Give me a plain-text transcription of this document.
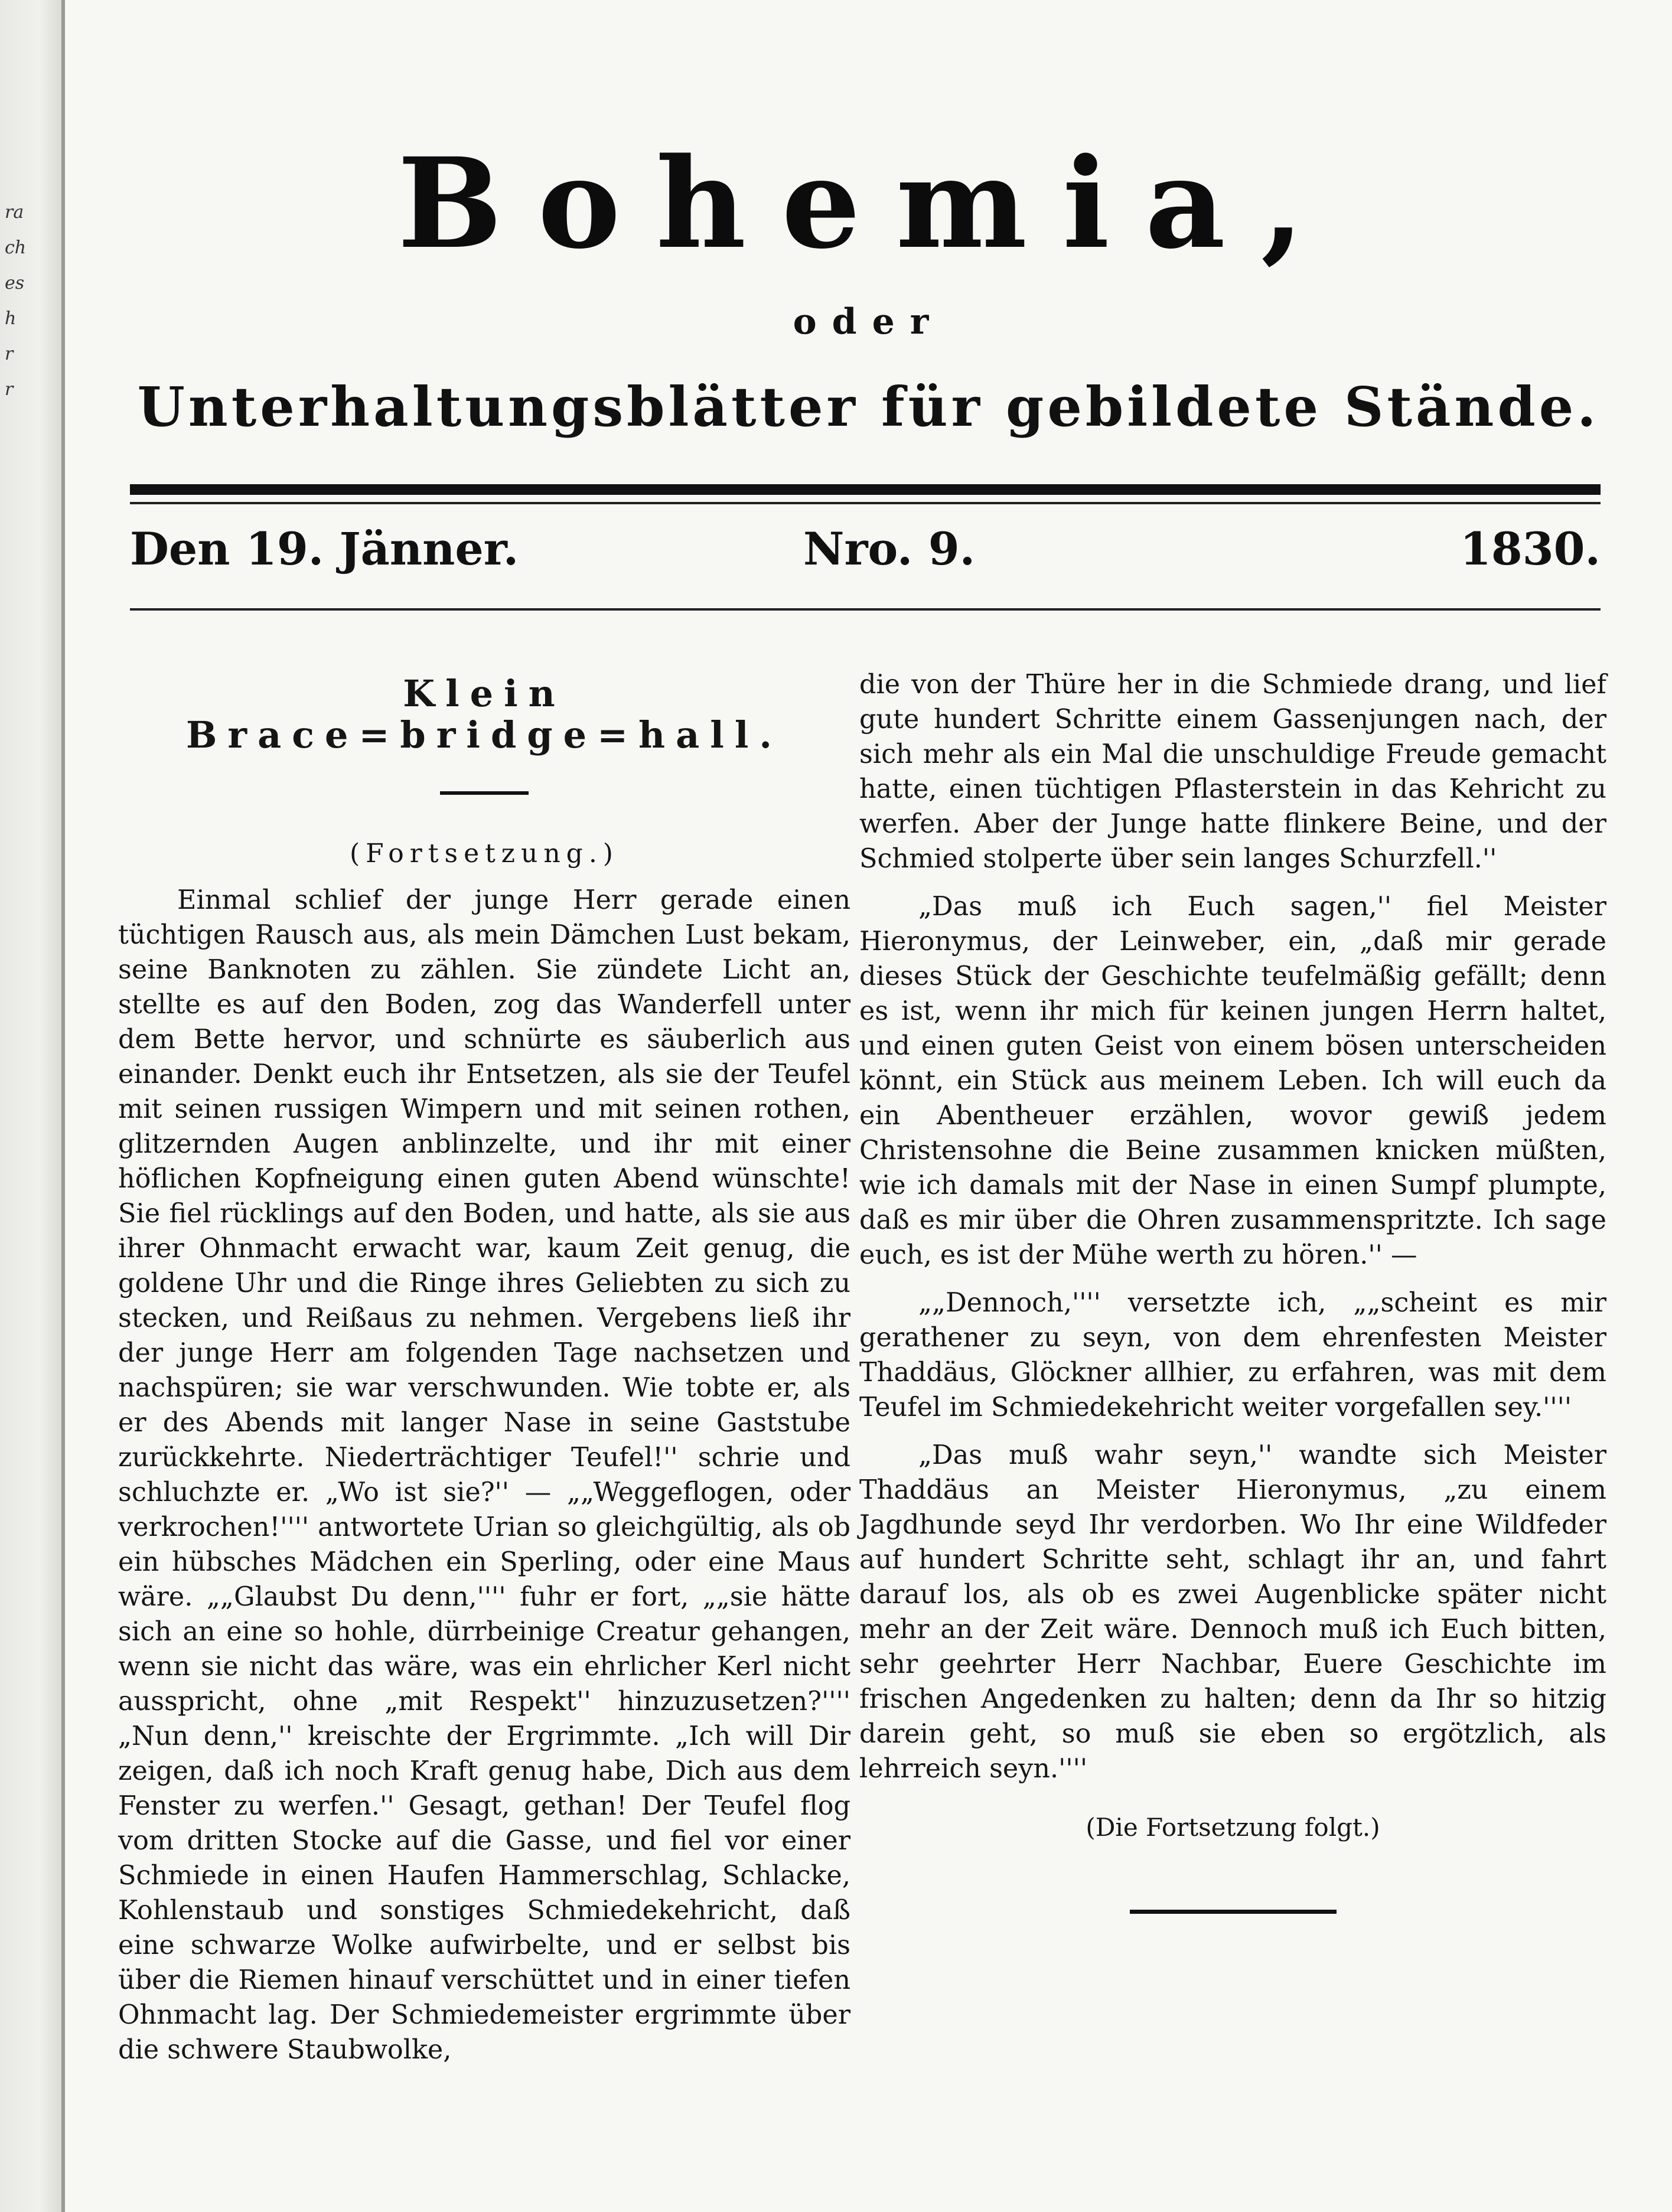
ra
ch
es
h
r
r
Bohemia,
oder
Unterhaltungsblätter für gebildete Stände.
Den 19. Jänner.	Nro. 9.	1830.
Klein Brace=bridge=hall.
(Fortsetzung.)

Einmal schlief der junge Herr gerade einen tüchtigen Rausch aus, als mein Dämchen Lust bekam, seine Banknoten zu zählen. Sie zündete Licht an, stellte es auf den Boden, zog das Wanderfell unter dem Bette hervor, und schnürte es säuberlich aus einander. Denkt euch ihr Entsetzen, als sie der Teufel mit seinen russigen Wimpern und mit seinen rothen, glitzernden Augen anblinzelte, und ihr mit einer höflichen Kopfneigung einen guten Abend wünschte! Sie fiel rücklings auf den Boden, und hatte, als sie aus ihrer Ohnmacht erwacht war, kaum Zeit genug, die goldene Uhr und die Ringe ihres Geliebten zu sich zu stecken, und Reißaus zu nehmen. Vergebens ließ ihr der junge Herr am folgenden Tage nachsetzen und nachspüren; sie war verschwunden. Wie tobte er, als er des Abends mit langer Nase in seine Gaststube zurückkehrte. Niederträchtiger Teufel!'' schrie und schluchzte er. „Wo ist sie?'' — „„Weggeflogen, oder verkrochen!'''' antwortete Urian so gleichgültig, als ob ein hübsches Mädchen ein Sperling, oder eine Maus wäre. „„Glaubst Du denn,'''' fuhr er fort, „„sie hätte sich an eine so hohle, dürrbeinige Creatur gehangen, wenn sie nicht das wäre, was ein ehrlicher Kerl nicht ausspricht, ohne „mit Respekt'' hinzuzusetzen?'''' „Nun denn,'' kreischte der Ergrimmte. „Ich will Dir zeigen, daß ich noch Kraft genug habe, Dich aus dem Fenster zu werfen.'' Gesagt, gethan! Der Teufel flog vom dritten Stocke auf die Gasse, und fiel vor einer Schmiede in einen Haufen Hammerschlag, Schlacke, Kohlenstaub und sonstiges Schmiedekehricht, daß eine schwarze Wolke aufwirbelte, und er selbst bis über die Riemen hinauf verschüttet und in einer tiefen Ohnmacht lag. Der Schmiedemeister ergrimmte über die schwere Staubwolke,

die von der Thüre her in die Schmiede drang, und lief gute hundert Schritte einem Gassenjungen nach, der sich mehr als ein Mal die unschuldige Freude gemacht hatte, einen tüchtigen Pflasterstein in das Kehricht zu werfen. Aber der Junge hatte flinkere Beine, und der Schmied stolperte über sein langes Schurzfell.''

„Das muß ich Euch sagen,'' fiel Meister Hieronymus, der Leinweber, ein, „daß mir gerade dieses Stück der Geschichte teufelmäßig gefällt; denn es ist, wenn ihr mich für keinen jungen Herrn haltet, und einen guten Geist von einem bösen unterscheiden könnt, ein Stück aus meinem Leben. Ich will euch da ein Abentheuer erzählen, wovor gewiß jedem Christensohne die Beine zusammen knicken müßten, wie ich damals mit der Nase in einen Sumpf plumpte, daß es mir über die Ohren zusammenspritzte. Ich sage euch, es ist der Mühe werth zu hören.'' —

„„Dennoch,'''' versetzte ich, „„scheint es mir gerathener zu seyn, von dem ehrenfesten Meister Thaddäus, Glöckner allhier, zu erfahren, was mit dem Teufel im Schmiedekehricht weiter vorgefallen sey.''''

„Das muß wahr seyn,'' wandte sich Meister Thaddäus an Meister Hieronymus, „zu einem Jagdhunde seyd Ihr verdorben. Wo Ihr eine Wildfeder auf hundert Schritte seht, schlagt ihr an, und fahrt darauf los, als ob es zwei Augenblicke später nicht mehr an der Zeit wäre. Dennoch muß ich Euch bitten, sehr geehrter Herr Nachbar, Euere Geschichte im frischen Angedenken zu halten; denn da Ihr so hitzig darein geht, so muß sie eben so ergötzlich, als lehrreich seyn.''''

(Die Fortsetzung folgt.)
